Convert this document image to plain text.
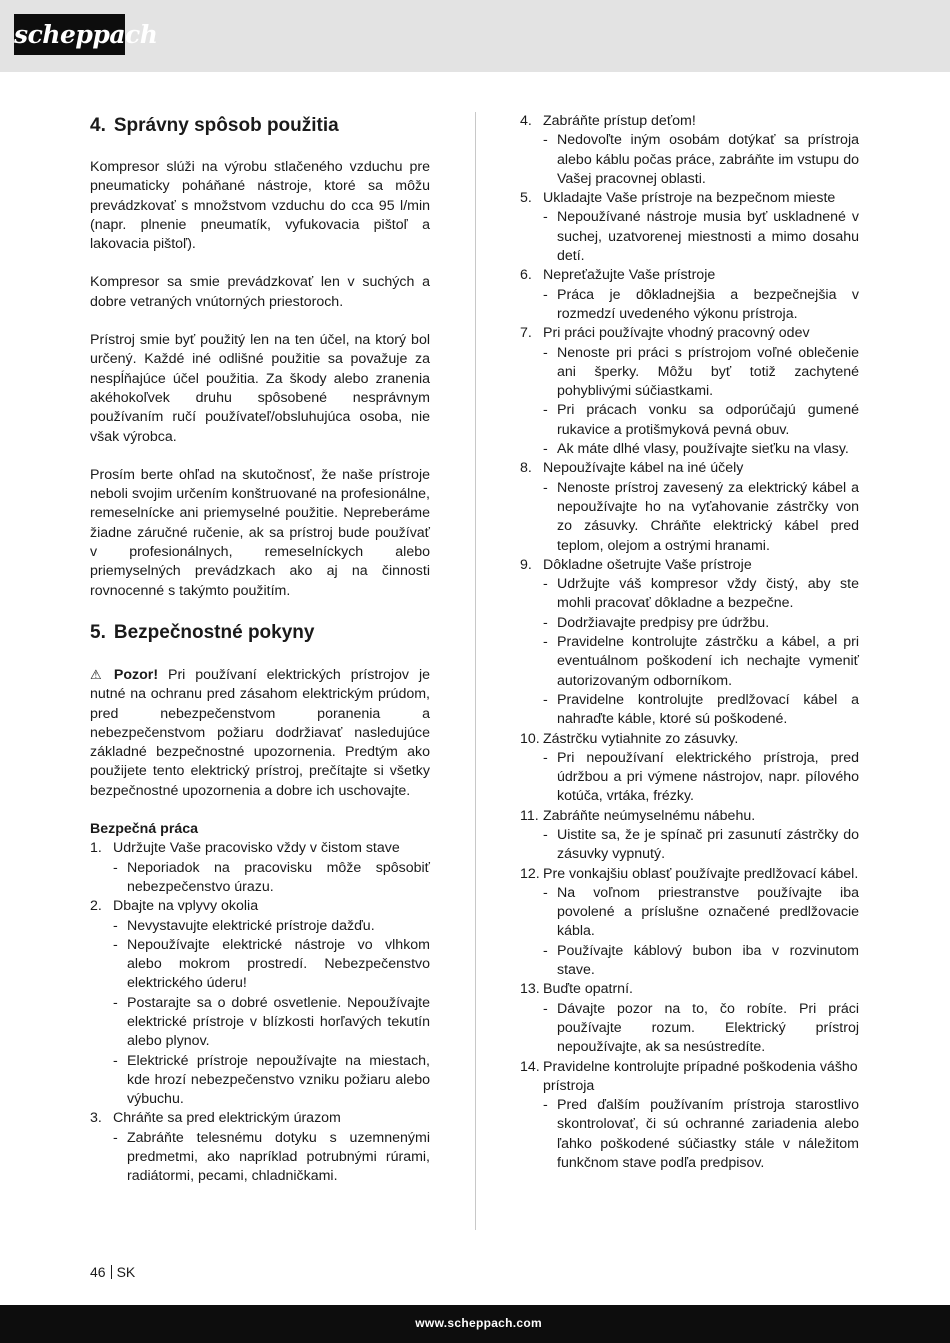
scheppach
4. Správny spôsob použitia

Kompresor slúži na výrobu stlačeného vzduchu pre pneumaticky poháňané nástroje, ktoré sa môžu prevádzkovať s množstvom vzduchu do cca 95 l/min (napr. plnenie pneumatík, vyfukovacia pištoľ a lakovacia pištoľ).

Kompresor sa smie prevádzkovať len v suchých a dobre vetraných vnútorných priestoroch.

Prístroj smie byť použitý len na ten účel, na ktorý bol určený. Každé iné odlišné použitie sa považuje za nespĺňajúce účel použitia. Za škody alebo zranenia akéhokoľvek druhu spôsobené nesprávnym používaním ručí používateľ/obsluhujúca osoba, nie však výrobca.

Prosím berte ohľad na skutočnosť, že naše prístroje neboli svojim určením konštruované na profesionálne, remeselnícke ani priemyselné použitie. Nepreberáme žiadne záručné ručenie, ak sa prístroj bude používať v profesionálnych, remeselníckych alebo priemyselných prevádzkach ako aj na činnosti rovnocenné s takýmto použitím.

5. Bezpečnostné pokyny

⚠ Pozor! Pri používaní elektrických prístrojov je nutné na ochranu pred zásahom elektrickým prúdom, pred nebezpečenstvom poranenia a nebezpečenstvom požiaru dodržiavať nasledujúce základné bezpečnostné upozornenia. Predtým ako použijete tento elektrický prístroj, prečítajte si všetky bezpečnostné upozornenia a dobre ich uschovajte.

Bezpečná práca

1. Udržujte Vaše pracovisko vždy v čistom stave
- Neporiadok na pracovisku môže spôsobiť nebezpečenstvo úrazu.
2. Dbajte na vplyvy okolia
- Nevystavujte elektrické prístroje dažďu.
- Nepoužívajte elektrické nástroje vo vlhkom alebo mokrom prostredí. Nebezpečenstvo elektrického úderu!
- Postarajte sa o dobré osvetlenie. Nepoužívajte elektrické prístroje v blízkosti horľavých tekutín alebo plynov.
- Elektrické prístroje nepoužívajte na miestach, kde hrozí nebezpečenstvo vzniku požiaru alebo výbuchu.
3. Chráňte sa pred elektrickým úrazom
- Zabráňte telesnému dotyku s uzemnenými predmetmi, ako napríklad potrubnými rúrami, radiátormi, pecami, chladničkami.
4. Zabráňte prístup deťom!
- Nedovoľte iným osobám dotýkať sa prístroja alebo káblu počas práce, zabráňte im vstupu do Vašej pracovnej oblasti.
5. Ukladajte Vaše prístroje na bezpečnom mieste
- Nepoužívané nástroje musia byť uskladnené v suchej, uzatvorenej miestnosti a mimo dosahu detí.
6. Nepreťažujte Vaše prístroje
- Práca je dôkladnejšia a bezpečnejšia v rozmedzí uvedeného výkonu prístroja.
7. Pri práci používajte vhodný pracovný odev
- Nenoste pri práci s prístrojom voľné oblečenie ani šperky. Môžu byť totiž zachytené pohyblivými súčiastkami.
- Pri prácach vonku sa odporúčajú gumené rukavice a protišmyková pevná obuv.
- Ak máte dlhé vlasy, používajte sieťku na vlasy.
8. Nepoužívajte kábel na iné účely
- Nenoste prístroj zavesený za elektrický kábel a nepoužívajte ho na vyťahovanie zástrčky von zo zásuvky. Chráňte elektrický kábel pred teplom, olejom a ostrými hranami.
9. Dôkladne ošetrujte Vaše prístroje
- Udržujte váš kompresor vždy čistý, aby ste mohli pracovať dôkladne a bezpečne.
- Dodržiavajte predpisy pre údržbu.
- Pravidelne kontrolujte zástrčku a kábel, a pri eventuálnom poškodení ich nechajte vymeniť autorizovaným odborníkom.
- Pravidelne kontrolujte predlžovací kábel a nahraďte káble, ktoré sú poškodené.
10. Zástrčku vytiahnite zo zásuvky.
- Pri nepoužívaní elektrického prístroja, pred údržbou a pri výmene nástrojov, napr. pílového kotúča, vrtáka, frézky.
11. Zabráňte neúmyselnému nábehu.
- Uistite sa, že je spínač pri zasunutí zástrčky do zásuvky vypnutý.
12. Pre vonkajšiu oblasť používajte predlžovací kábel.
- Na voľnom priestranstve používajte iba povolené a príslušne označené predlžovacie kábla.
- Používajte káblový bubon iba v rozvinutom stave.
13. Buďte opatrní.
- Dávajte pozor na to, čo robíte. Pri práci používajte rozum. Elektrický prístroj nepoužívajte, ak sa nesústredíte.
14. Pravidelne kontrolujte prípadné poškodenia vášho prístroja
- Pred ďalším používaním prístroja starostlivo skontrolovať, či sú ochranné zariadenia alebo ľahko poškodené súčiastky stále v náležitom funkčnom stave podľa predpisov.
46 SK
www.scheppach.com
